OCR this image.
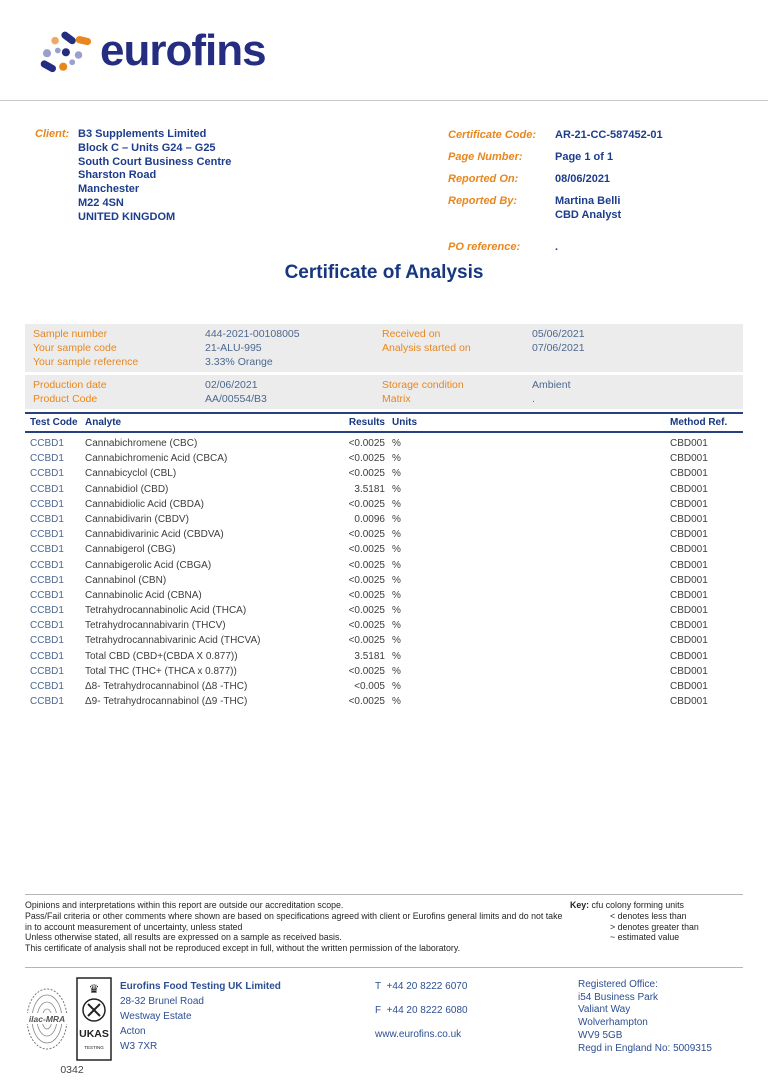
eurofins
Client: B3 Supplements Limited
Block C – Units G24 – G25
South Court Business Centre
Sharston Road
Manchester
M22 4SN
UNITED KINGDOM
Certificate Code:	AR-21-CC-587452-01
Page Number:	Page 1 of 1
Reported On:	08/06/2021
Reported By:	Martina Belli
CBD Analyst
PO reference:	.
Certificate of Analysis
Sample number	444-2021-00108005	Received on	05/06/2021
Your sample code	21-ALU-995	Analysis started on	07/06/2021
Your sample reference	3.33% Orange
Production date	02/06/2021	Storage condition	Ambient
Product Code	AA/00554/B3	Matrix	.
Test Code Analyte	Results Units	Method Ref.
CCBD1	Cannabichromene (CBC)	<0.0025 %	CBD001
CCBD1	Cannabichromenic Acid (CBCA)	<0.0025 %	CBD001
CCBD1	Cannabicyclol (CBL)	<0.0025 %	CBD001
CCBD1	Cannabidiol (CBD)	3.5181 %	CBD001
CCBD1	Cannabidiolic Acid (CBDA)	<0.0025 %	CBD001
CCBD1	Cannabidivarin (CBDV)	0.0096 %	CBD001
CCBD1	Cannabidivarinic Acid (CBDVA)	<0.0025 %	CBD001
CCBD1	Cannabigerol (CBG)	<0.0025 %	CBD001
CCBD1	Cannabigerolic Acid (CBGA)	<0.0025 %	CBD001
CCBD1	Cannabinol (CBN)	<0.0025 %	CBD001
CCBD1	Cannabinolic Acid (CBNA)	<0.0025 %	CBD001
CCBD1	Tetrahydrocannabinolic Acid (THCA)	<0.0025 %	CBD001
CCBD1	Tetrahydrocannabivarin (THCV)	<0.0025 %	CBD001
CCBD1	Tetrahydrocannabivarinic Acid (THCVA)	<0.0025 %	CBD001
CCBD1	Total CBD (CBD+(CBDA X 0.877))	3.5181 %	CBD001
CCBD1	Total THC (THC+ (THCA x 0.877))	<0.0025 %	CBD001
CCBD1	Δ8- Tetrahydrocannabinol (Δ8 -THC)	<0.005 %	CBD001
CCBD1	Δ9- Tetrahydrocannabinol (Δ9 -THC)	<0.0025 %	CBD001

Opinions and interpretations within this report are outside our accreditation scope.

Pass/Fail criteria or other comments where shown are based on specifications agreed with client or Eurofins general limits and do not take in to account measurement of uncertainty, unless stated

Unless otherwise stated, all results are expressed on a sample as received basis.

This certificate of analysis shall not be reproduced except in full, without the written permission of the laboratory.

Key: cfu colony forming units
< denotes less than
> denotes greater than
~ estimated value
ilac-MRA
♛
UKAS
TESTING
0342
Eurofins Food Testing UK Limited
28-32 Brunel Road
Westway Estate
Acton
W3 7XR
T  +44 20 8222 6070
F  +44 20 8222 6080
www.eurofins.co.uk
Registered Office:
i54 Business Park
Valiant Way
Wolverhampton
WV9 5GB
Regd in England No: 5009315
